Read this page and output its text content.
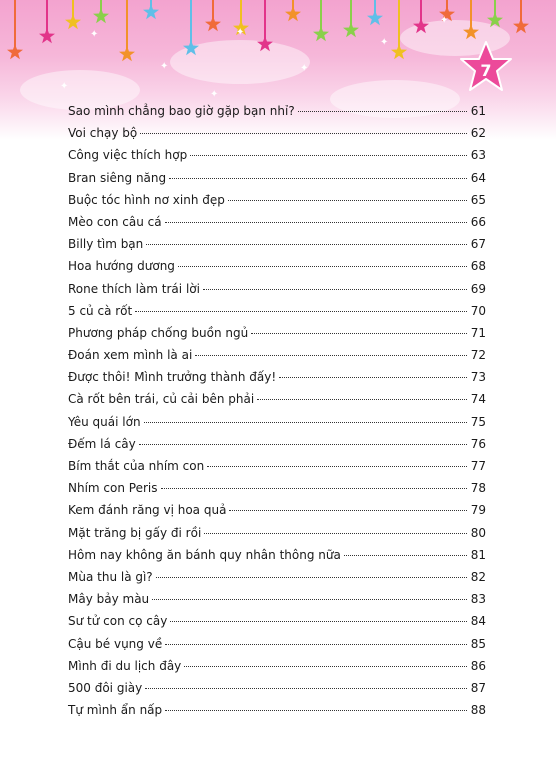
✦
✦
✦
✦
✦
✦
✦
✦
7
Sao mình chẳng bao giờ gặp bạn nhỉ?	61
Voi chạy bộ	62
Công việc thích hợp	63
Bran siêng năng	64
Buộc tóc hình nơ xinh đẹp	65
Mèo con câu cá	66
Billy tìm bạn	67
Hoa hướng dương	68
Rone thích làm trái lời	69
5 củ cà rốt	70
Phương pháp chống buồn ngủ	71
Đoán xem mình là ai	72
Được thôi! Mình trưởng thành đấy!	73
Cà rốt bên trái, củ cải bên phải	74
Yêu quái lớn	75
Đếm lá cây	76
Bím thắt của nhím con	77
Nhím con Peris	78
Kem đánh răng vị hoa quả	79
Mặt trăng bị gấy đi rồi	80
Hôm nay không ăn bánh quy nhân thông nữa	81
Mùa thu là gì?	82
Mây bảy màu	83
Sư tử con cọ cây	84
Cậu bé vụng về	85
Mình đi du lịch đây	86
500 đôi giày	87
Tự mình ẩn nấp	88
